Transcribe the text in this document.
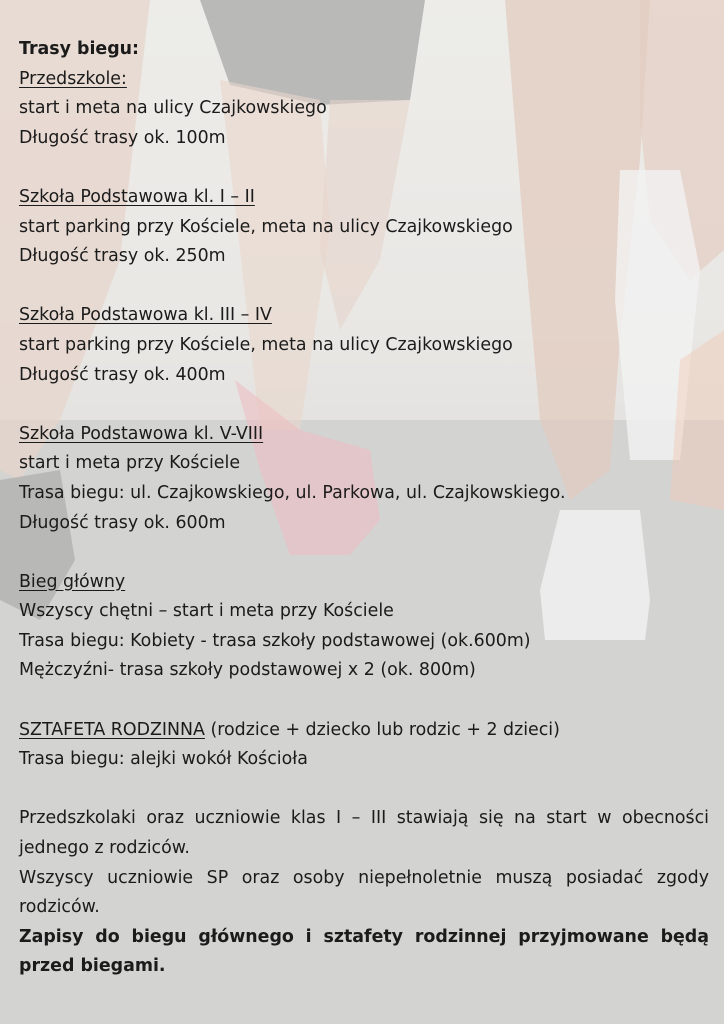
Trasy biegu:

Przedszkole:

start i meta na ulicy Czajkowskiego

Długość trasy ok. 100m

Szkoła Podstawowa kl. I – II

start parking przy Kościele, meta na ulicy Czajkowskiego

Długość trasy ok. 250m

Szkoła Podstawowa kl. III – IV

start parking przy Kościele, meta na ulicy Czajkowskiego

Długość trasy ok. 400m

Szkoła Podstawowa kl. V-VIII

start i meta przy Kościele

Trasa biegu: ul. Czajkowskiego, ul. Parkowa, ul. Czajkowskiego.

Długość trasy ok. 600m

Bieg główny

Wszyscy chętni – start i meta przy Kościele

Trasa biegu: Kobiety - trasa szkoły podstawowej (ok.600m)

Mężczyźni- trasa szkoły podstawowej x 2 (ok. 800m)

SZTAFETA RODZINNA (rodzice + dziecko lub rodzic + 2 dzieci)

Trasa biegu: alejki wokół Kościoła

Przedszkolaki oraz uczniowie klas I – III stawiają się na start w obecności jednego z rodziców.

Wszyscy uczniowie SP oraz osoby niepełnoletnie muszą posiadać zgody rodziców.

Zapisy do biegu głównego i sztafety rodzinnej przyjmowane będą przed biegami.
